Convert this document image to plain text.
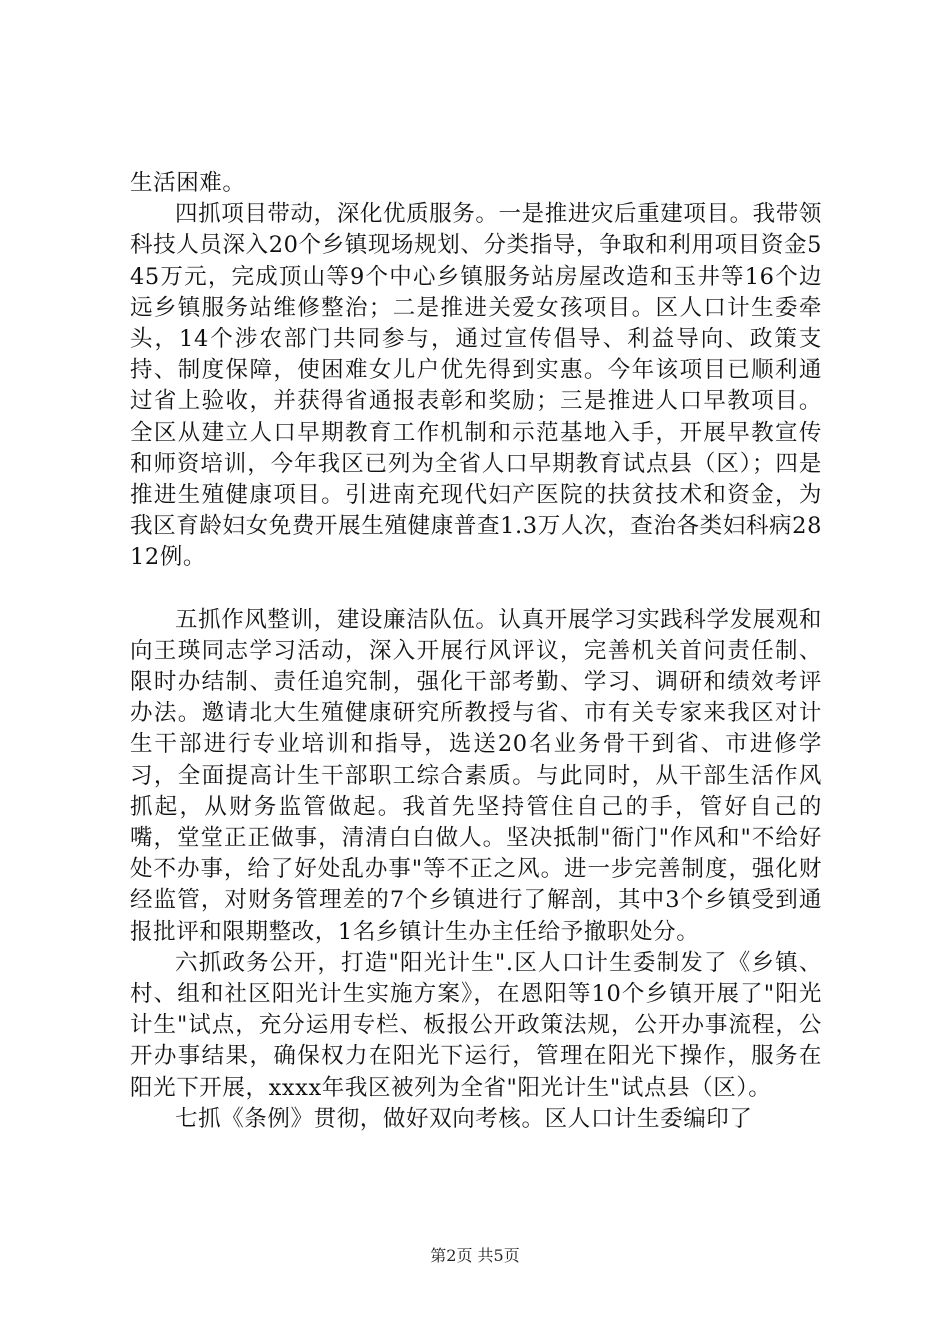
生活困难。

四抓项目带动，深化优质服务。一是推进灾后重建项目。我带领科技人员深入20个乡镇现场规划、分类指导，争取和利用项目资金545万元，完成顶山等9个中心乡镇服务站房屋改造和玉井等16个边远乡镇服务站维修整治；二是推进关爱女孩项目。区人口计生委牵头，14个涉农部门共同参与，通过宣传倡导、利益导向、政策支持、制度保障，使困难女儿户优先得到实惠。今年该项目已顺利通过省上验收，并获得省通报表彰和奖励；三是推进人口早教项目。全区从建立人口早期教育工作机制和示范基地入手，开展早教宣传和师资培训，今年我区已列为全省人口早期教育试点县（区）；四是推进生殖健康项目。引进南充现代妇产医院的扶贫技术和资金，为我区育龄妇女免费开展生殖健康普查1.3万人次，查治各类妇科病2812例。

五抓作风整训，建设廉洁队伍。认真开展学习实践科学发展观和向王瑛同志学习活动，深入开展行风评议，完善机关首问责任制、限时办结制、责任追究制，强化干部考勤、学习、调研和绩效考评办法。邀请北大生殖健康研究所教授与省、市有关专家来我区对计生干部进行专业培训和指导，选送20名业务骨干到省、市进修学习，全面提高计生干部职工综合素质。与此同时，从干部生活作风抓起，从财务监管做起。我首先坚持管住自己的手，管好自己的嘴，堂堂正正做事，清清白白做人。坚决抵制"衙门"作风和"不给好处不办事，给了好处乱办事"等不正之风。进一步完善制度，强化财经监管，对财务管理差的7个乡镇进行了解剖，其中3个乡镇受到通报批评和限期整改，1名乡镇计生办主任给予撤职处分。

六抓政务公开，打造"阳光计生".区人口计生委制发了《乡镇、村、组和社区阳光计生实施方案》，在恩阳等10个乡镇开展了"阳光计生"试点，充分运用专栏、板报公开政策法规，公开办事流程，公开办事结果，确保权力在阳光下运行，管理在阳光下操作，服务在阳光下开展，xxxx年我区被列为全省"阳光计生"试点县（区）。

七抓《条例》贯彻，做好双向考核。区人口计生委编印了

第2页 共5页
